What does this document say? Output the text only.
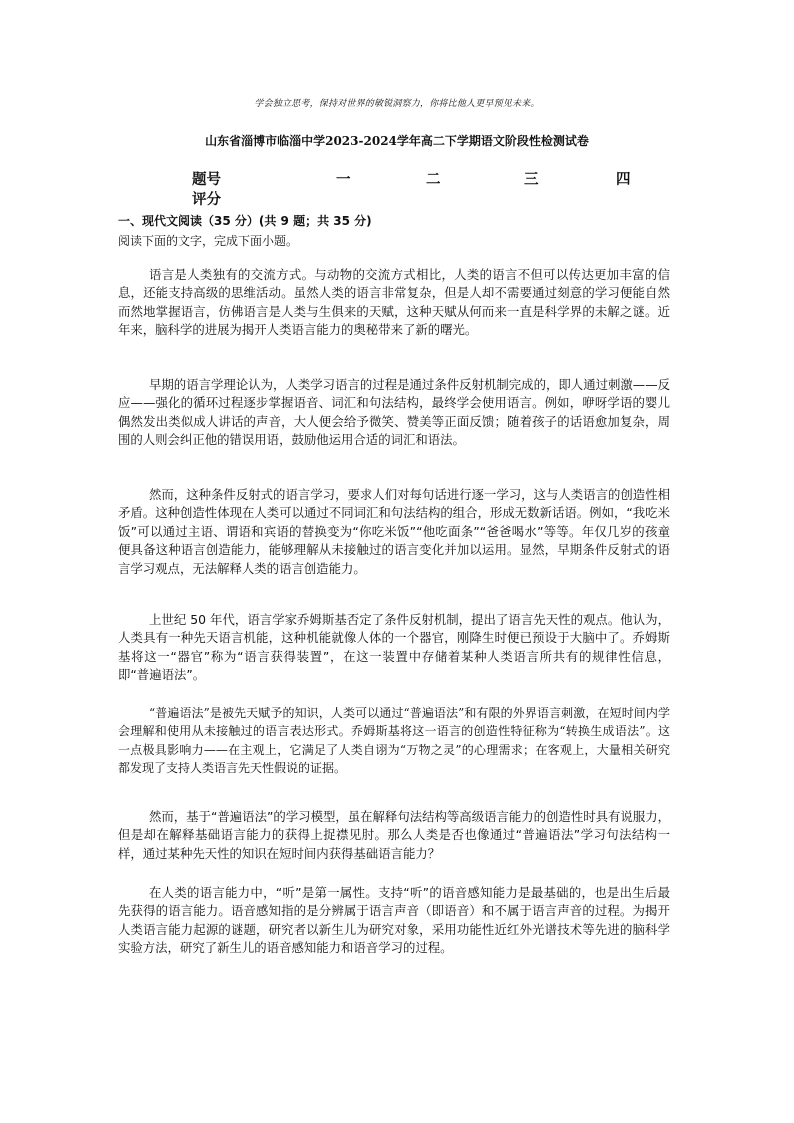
学会独立思考，保持对世界的敏锐洞察力，你将比他人更早预见未来。
山东省淄博市临淄中学2023-2024学年高二下学期语文阶段性检测试卷
题号	一	二	三	四
评分
一、现代文阅读（35 分）(共 9 题；共 35 分)
阅读下面的文字，完成下面小题。

语言是人类独有的交流方式。与动物的交流方式相比，人类的语言不但可以传达更加丰富的信息，还能支持高级的思维活动。虽然人类的语言非常复杂，但是人却不需要通过刻意的学习便能自然而然地掌握语言，仿佛语言是人类与生俱来的天赋，这种天赋从何而来一直是科学界的未解之谜。近年来，脑科学的进展为揭开人类语言能力的奥秘带来了新的曙光。

早期的语言学理论认为，人类学习语言的过程是通过条件反射机制完成的，即人通过刺激——反应——强化的循环过程逐步掌握语音、词汇和句法结构，最终学会使用语言。例如，咿呀学语的婴儿偶然发出类似成人讲话的声音，大人便会给予微笑、赞美等正面反馈；随着孩子的话语愈加复杂，周围的人则会纠正他的错误用语，鼓励他运用合适的词汇和语法。

然而，这种条件反射式的语言学习，要求人们对每句话进行逐一学习，这与人类语言的创造性相矛盾。这种创造性体现在人类可以通过不同词汇和句法结构的组合，形成无数新话语。例如，“我吃米饭”可以通过主语、谓语和宾语的替换变为“你吃米饭”“他吃面条”“爸爸喝水”等等。年仅几岁的孩童便具备这种语言创造能力，能够理解从未接触过的语言变化并加以运用。显然，早期条件反射式的语言学习观点，无法解释人类的语言创造能力。

上世纪 50 年代，语言学家乔姆斯基否定了条件反射机制，提出了语言先天性的观点。他认为，人类具有一种先天语言机能，这种机能就像人体的一个器官，刚降生时便已预设于大脑中了。乔姆斯基将这一“器官”称为“语言获得装置”，在这一装置中存储着某种人类语言所共有的规律性信息，即“普遍语法”。

“普遍语法”是被先天赋予的知识，人类可以通过“普遍语法”和有限的外界语言刺激，在短时间内学会理解和使用从未接触过的语言表达形式。乔姆斯基将这一语言的创造性特征称为“转换生成语法”。这一点极具影响力——在主观上，它满足了人类自诩为“万物之灵”的心理需求；在客观上，大量相关研究都发现了支持人类语言先天性假说的证据。

然而，基于“普遍语法”的学习模型，虽在解释句法结构等高级语言能力的创造性时具有说服力，但是却在解释基础语言能力的获得上捉襟见肘。那么人类是否也像通过“普遍语法”学习句法结构一样，通过某种先天性的知识在短时间内获得基础语言能力？

在人类的语言能力中，“听”是第一属性。支持“听”的语音感知能力是最基础的，也是出生后最先获得的语言能力。语音感知指的是分辨属于语言声音（即语音）和不属于语言声音的过程。为揭开人类语言能力起源的谜题，研究者以新生儿为研究对象，采用功能性近红外光谱技术等先进的脑科学实验方法，研究了新生儿的语音感知能力和语音学习的过程。
